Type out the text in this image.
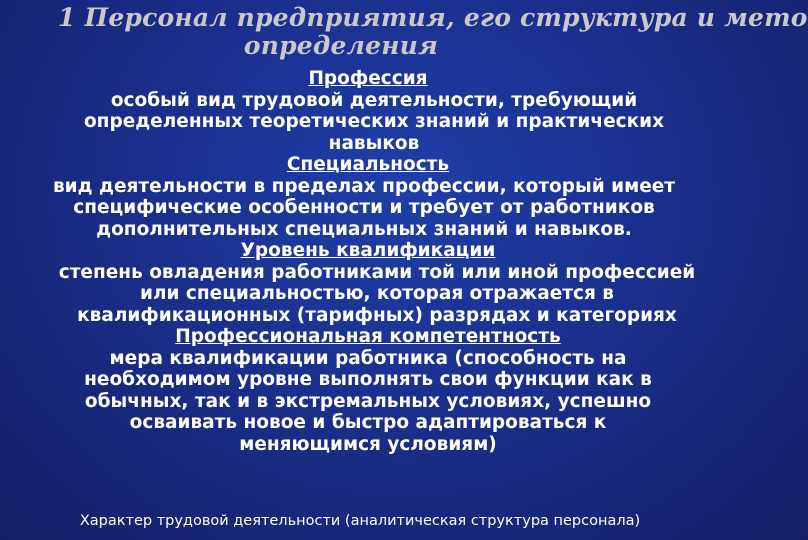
1 Персонал предприятия, его структура и мето
определения
Профессия
особый вид трудовой деятельности, требующий определенных теоретических знаний и практических навыков
Специальность
вид деятельности в пределах профессии, который имеет специфические особенности и требует от работников дополнительных специальных знаний и навыков.
Уровень квалификации
степень овладения работниками той или иной профессией или специальностью, которая отражается в квалификационных (тарифных) разрядах и категориях
Профессиональная компетентность
мера квалификации работника (способность на необходимом уровне выполнять свои функции как в обычных, так и в экстремальных условиях, успешно осваивать новое и быстро адаптироваться к меняющимся условиям)
Характер трудовой деятельности (аналитическая структура персонала)
